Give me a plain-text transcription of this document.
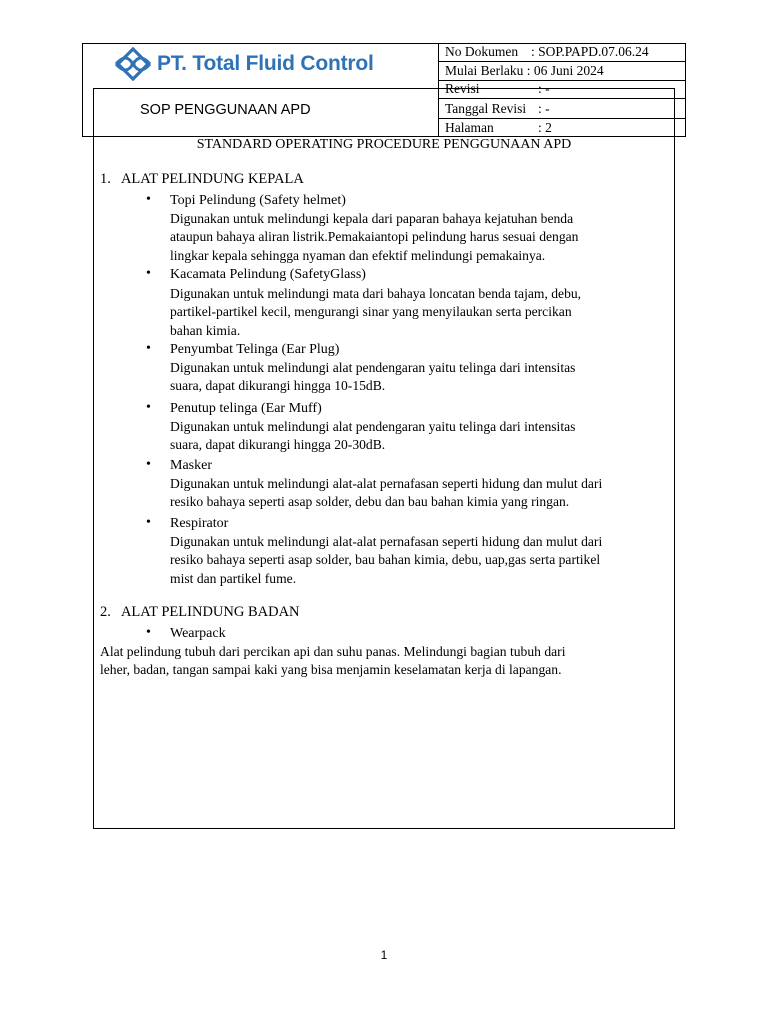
PT. Total Fluid Control
No Dokumen : SOP.PAPD.07.06.24
Mulai Berlaku : 06 Juni 2024
Revisi	: -
Tanggal Revisi : -
Halaman	: 2
SOP PENGGUNAAN APD
STANDARD OPERATING PROCEDURE PENGGUNAAN APD
1.   ALAT PELINDUNG KEPALA
• Topi Pelindung (Safety helmet)
Digunakan untuk melindungi kepala dari paparan bahaya kejatuhan benda
ataupun bahaya aliran listrik.Pemakaiantopi pelindung harus sesuai dengan
lingkar kepala sehingga nyaman dan efektif melindungi pemakainya.
• Kacamata Pelindung (SafetyGlass)
Digunakan untuk melindungi mata dari bahaya loncatan benda tajam, debu,
partikel-partikel kecil, mengurangi sinar yang menyilaukan serta percikan
bahan kimia.
• Penyumbat Telinga (Ear Plug)
Digunakan untuk melindungi alat pendengaran yaitu telinga dari intensitas
suara, dapat dikurangi hingga 10-15dB.
• Penutup telinga (Ear Muff)
Digunakan untuk melindungi alat pendengaran yaitu telinga dari intensitas
suara, dapat dikurangi hingga 20-30dB.
• Masker
Digunakan untuk melindungi alat-alat pernafasan seperti hidung dan mulut dari
resiko bahaya seperti asap solder, debu dan bau bahan kimia yang ringan.
• Respirator
Digunakan untuk melindungi alat-alat pernafasan seperti hidung dan mulut dari
resiko bahaya seperti asap solder, bau bahan kimia, debu, uap,gas serta partikel
mist dan partikel fume.
2.   ALAT PELINDUNG BADAN
• Wearpack
Alat pelindung tubuh dari percikan api dan suhu panas. Melindungi bagian tubuh dari
leher, badan, tangan sampai kaki yang bisa menjamin keselamatan kerja di lapangan.
1
